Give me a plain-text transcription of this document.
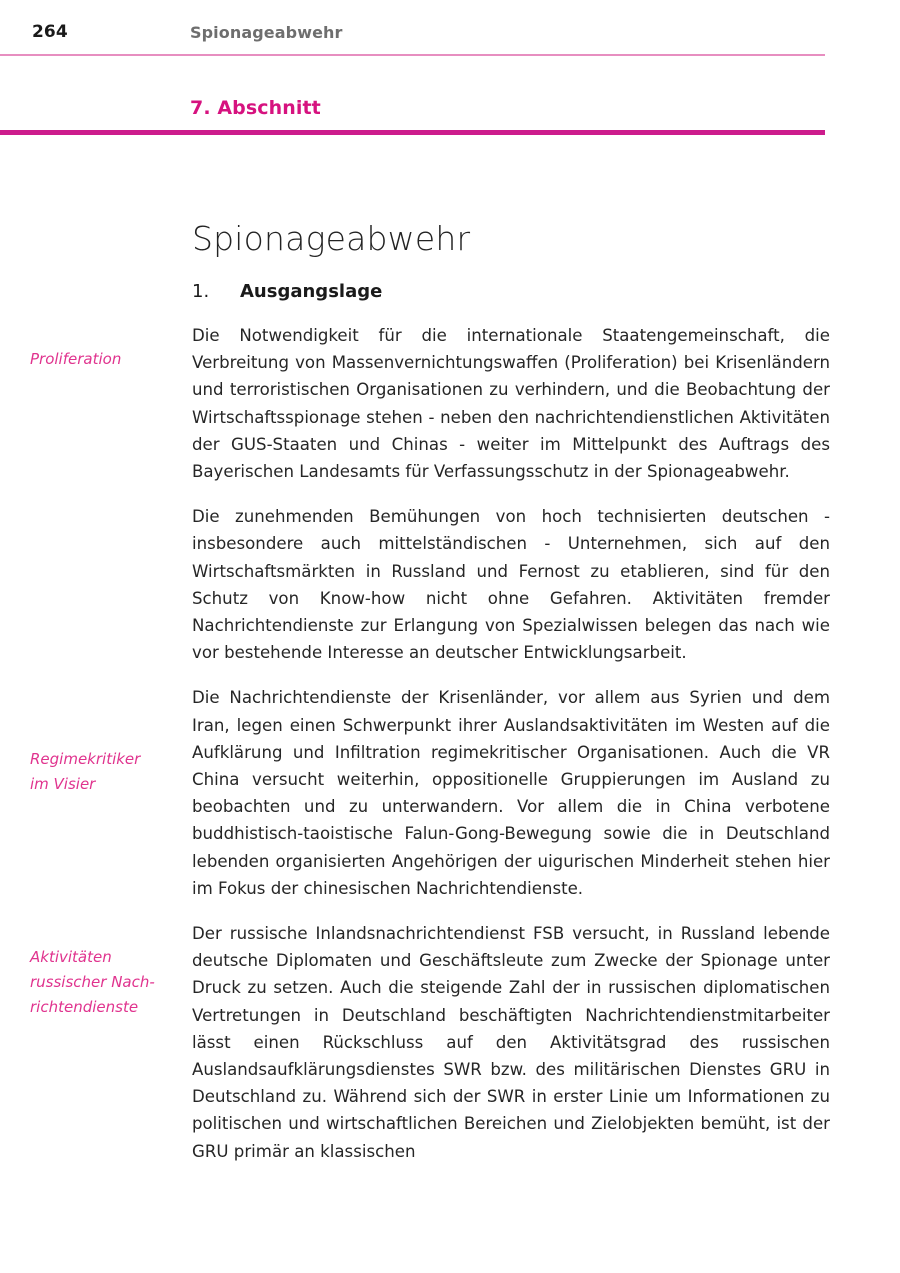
264	Spionageabwehr
7. Abschnitt
Spionageabwehr
1. Ausgangslage
Proliferation
Regimekritiker
im Visier
Aktivitäten
russischer Nach-
richtendienste

Die Notwendigkeit für die internationale Staatengemeinschaft, die Verbreitung von Massenvernichtungswaffen (Proliferation) bei Krisenländern und terroristischen Organisationen zu verhindern, und die Beobachtung der Wirtschaftsspionage stehen - neben den nachrichtendienstlichen Aktivitäten der GUS-Staaten und Chinas - weiter im Mittelpunkt des Auftrags des Bayerischen Landesamts für Verfassungsschutz in der Spionageabwehr.

Die zunehmenden Bemühungen von hoch technisierten deutschen - insbesondere auch mittelständischen - Unternehmen, sich auf den Wirtschaftsmärkten in Russland und Fernost zu etablieren, sind für den Schutz von Know-how nicht ohne Gefahren. Aktivitäten fremder Nachrichtendienste zur Erlangung von Spezialwissen belegen das nach wie vor bestehende Interesse an deutscher Entwicklungsarbeit.

Die Nachrichtendienste der Krisenländer, vor allem aus Syrien und dem Iran, legen einen Schwerpunkt ihrer Auslandsaktivitäten im Westen auf die Aufklärung und Infiltration regimekritischer Organisationen. Auch die VR China versucht weiterhin, oppositionelle Gruppierungen im Ausland zu beobachten und zu unterwandern. Vor allem die in China verbotene buddhistisch-taoistische Falun-Gong-Bewegung sowie die in Deutschland lebenden organisierten Angehörigen der uigurischen Minderheit stehen hier im Fokus der chinesischen Nachrichtendienste.

Der russische Inlandsnachrichtendienst FSB versucht, in Russland lebende deutsche Diplomaten und Geschäftsleute zum Zwecke der Spionage unter Druck zu setzen. Auch die steigende Zahl der in russischen diplomatischen Vertretungen in Deutschland beschäftigten Nachrichtendienstmitarbeiter lässt einen Rückschluss auf den Aktivitätsgrad des russischen Auslandsaufklärungsdienstes SWR bzw. des militärischen Dienstes GRU in Deutschland zu. Während sich der SWR in erster Linie um Informationen zu politischen und wirtschaftlichen Bereichen und Zielobjekten bemüht, ist der GRU primär an klassischen
